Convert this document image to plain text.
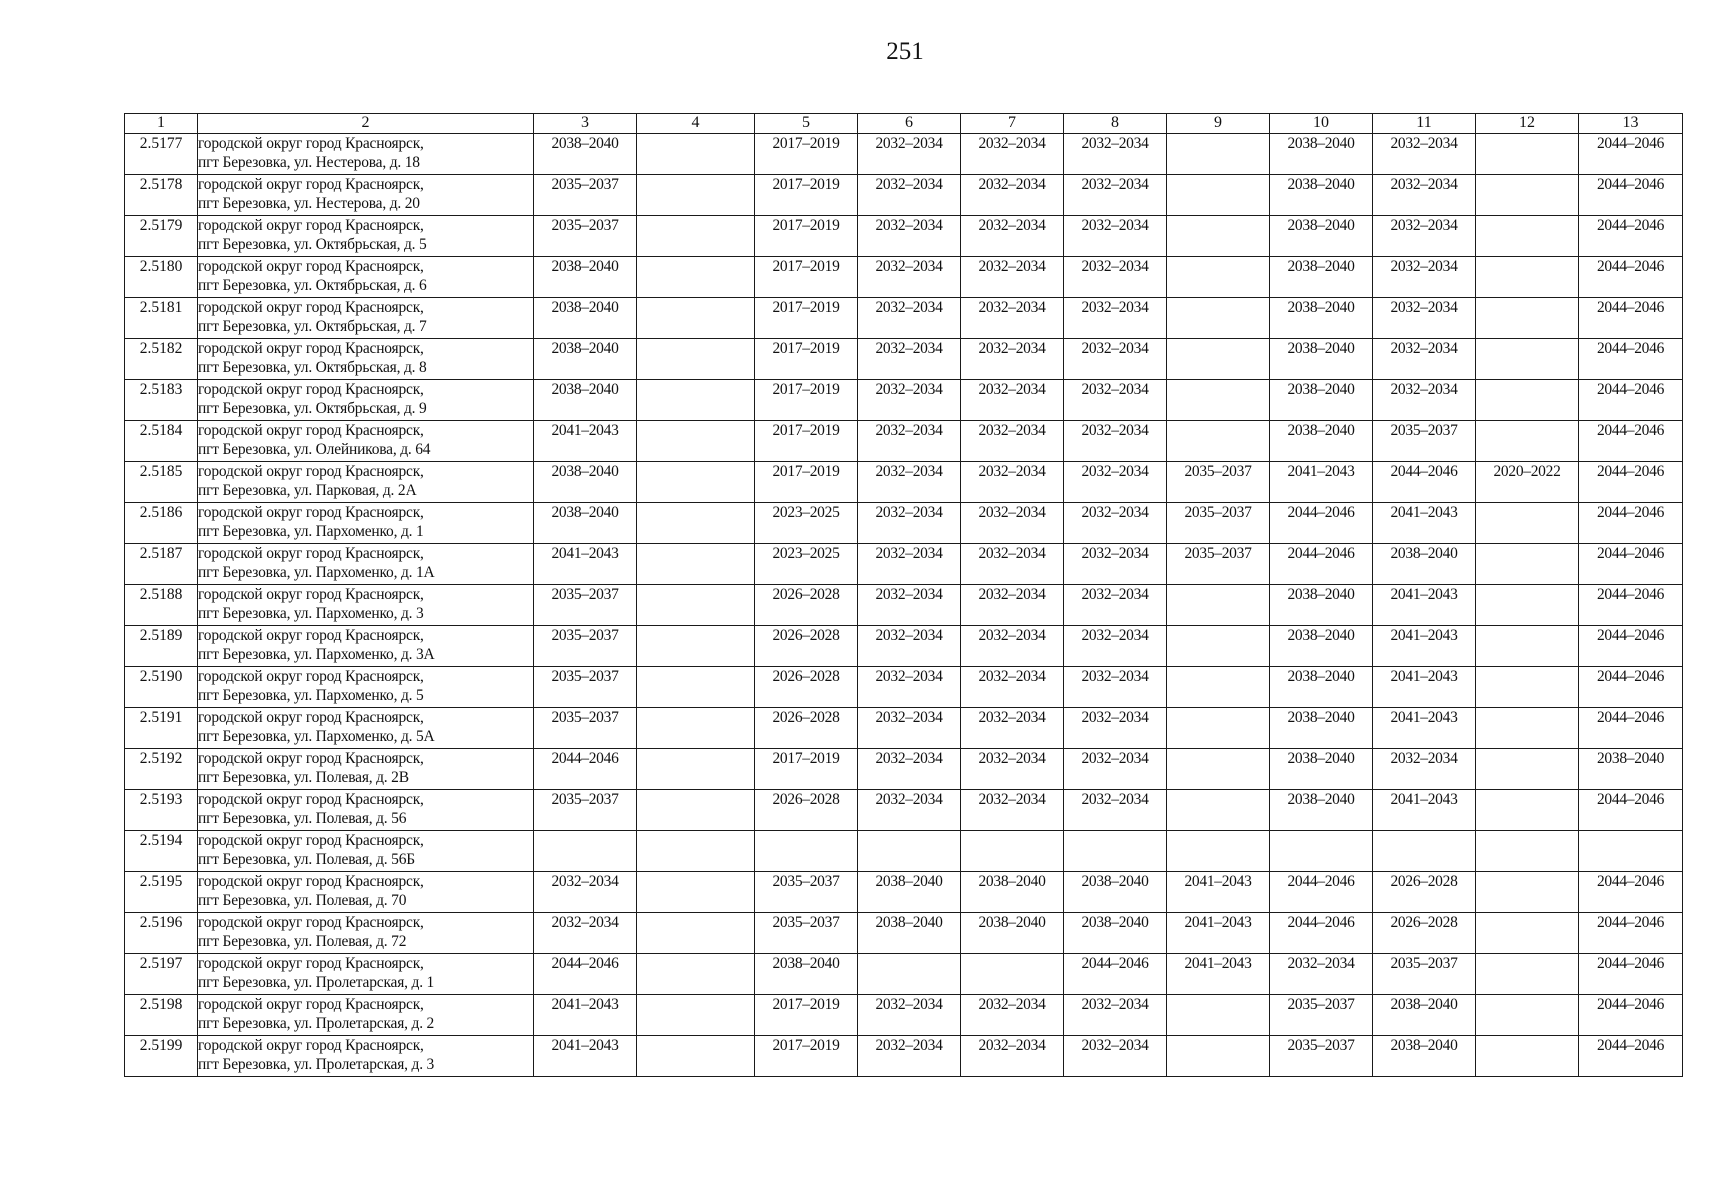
251
1	2	3	4	5	6	7	8	9	10	11	12	13
2.5177	городской округ город Красноярск,
пгт Березовка, ул. Нестерова, д. 18	2038–2040		2017–2019	2032–2034	2032–2034	2032–2034		2038–2040	2032–2034		2044–2046
2.5178	городской округ город Красноярск,
пгт Березовка, ул. Нестерова, д. 20	2035–2037		2017–2019	2032–2034	2032–2034	2032–2034		2038–2040	2032–2034		2044–2046
2.5179	городской округ город Красноярск,
пгт Березовка, ул. Октябрьская, д. 5	2035–2037		2017–2019	2032–2034	2032–2034	2032–2034		2038–2040	2032–2034		2044–2046
2.5180	городской округ город Красноярск,
пгт Березовка, ул. Октябрьская, д. 6	2038–2040		2017–2019	2032–2034	2032–2034	2032–2034		2038–2040	2032–2034		2044–2046
2.5181	городской округ город Красноярск,
пгт Березовка, ул. Октябрьская, д. 7	2038–2040		2017–2019	2032–2034	2032–2034	2032–2034		2038–2040	2032–2034		2044–2046
2.5182	городской округ город Красноярск,
пгт Березовка, ул. Октябрьская, д. 8	2038–2040		2017–2019	2032–2034	2032–2034	2032–2034		2038–2040	2032–2034		2044–2046
2.5183	городской округ город Красноярск,
пгт Березовка, ул. Октябрьская, д. 9	2038–2040		2017–2019	2032–2034	2032–2034	2032–2034		2038–2040	2032–2034		2044–2046
2.5184	городской округ город Красноярск,
пгт Березовка, ул. Олейникова, д. 64	2041–2043		2017–2019	2032–2034	2032–2034	2032–2034		2038–2040	2035–2037		2044–2046
2.5185	городской округ город Красноярск,
пгт Березовка, ул. Парковая, д. 2А	2038–2040		2017–2019	2032–2034	2032–2034	2032–2034	2035–2037	2041–2043	2044–2046	2020–2022	2044–2046
2.5186	городской округ город Красноярск,
пгт Березовка, ул. Пархоменко, д. 1	2038–2040		2023–2025	2032–2034	2032–2034	2032–2034	2035–2037	2044–2046	2041–2043		2044–2046
2.5187	городской округ город Красноярск,
пгт Березовка, ул. Пархоменко, д. 1А	2041–2043		2023–2025	2032–2034	2032–2034	2032–2034	2035–2037	2044–2046	2038–2040		2044–2046
2.5188	городской округ город Красноярск,
пгт Березовка, ул. Пархоменко, д. 3	2035–2037		2026–2028	2032–2034	2032–2034	2032–2034		2038–2040	2041–2043		2044–2046
2.5189	городской округ город Красноярск,
пгт Березовка, ул. Пархоменко, д. 3А	2035–2037		2026–2028	2032–2034	2032–2034	2032–2034		2038–2040	2041–2043		2044–2046
2.5190	городской округ город Красноярск,
пгт Березовка, ул. Пархоменко, д. 5	2035–2037		2026–2028	2032–2034	2032–2034	2032–2034		2038–2040	2041–2043		2044–2046
2.5191	городской округ город Красноярск,
пгт Березовка, ул. Пархоменко, д. 5А	2035–2037		2026–2028	2032–2034	2032–2034	2032–2034		2038–2040	2041–2043		2044–2046
2.5192	городской округ город Красноярск,
пгт Березовка, ул. Полевая, д. 2В	2044–2046		2017–2019	2032–2034	2032–2034	2032–2034		2038–2040	2032–2034		2038–2040
2.5193	городской округ город Красноярск,
пгт Березовка, ул. Полевая, д. 56	2035–2037		2026–2028	2032–2034	2032–2034	2032–2034		2038–2040	2041–2043		2044–2046
2.5194	городской округ город Красноярск,
пгт Березовка, ул. Полевая, д. 56Б											

2.5195	городской округ город Красноярск,
пгт Березовка, ул. Полевая, д. 70	2032–2034		2035–2037	2038–2040	2038–2040	2038–2040	2041–2043	2044–2046	2026–2028		2044–2046
2.5196	городской округ город Красноярск,
пгт Березовка, ул. Полевая, д. 72	2032–2034		2035–2037	2038–2040	2038–2040	2038–2040	2041–2043	2044–2046	2026–2028		2044–2046
2.5197	городской округ город Красноярск,
пгт Березовка, ул. Пролетарская, д. 1	2044–2046		2038–2040			2044–2046	2041–2043	2032–2034	2035–2037		2044–2046
2.5198	городской округ город Красноярск,
пгт Березовка, ул. Пролетарская, д. 2	2041–2043		2017–2019	2032–2034	2032–2034	2032–2034		2035–2037	2038–2040		2044–2046
2.5199	городской округ город Красноярск,
пгт Березовка, ул. Пролетарская, д. 3	2041–2043		2017–2019	2032–2034	2032–2034	2032–2034		2035–2037	2038–2040		2044–2046
